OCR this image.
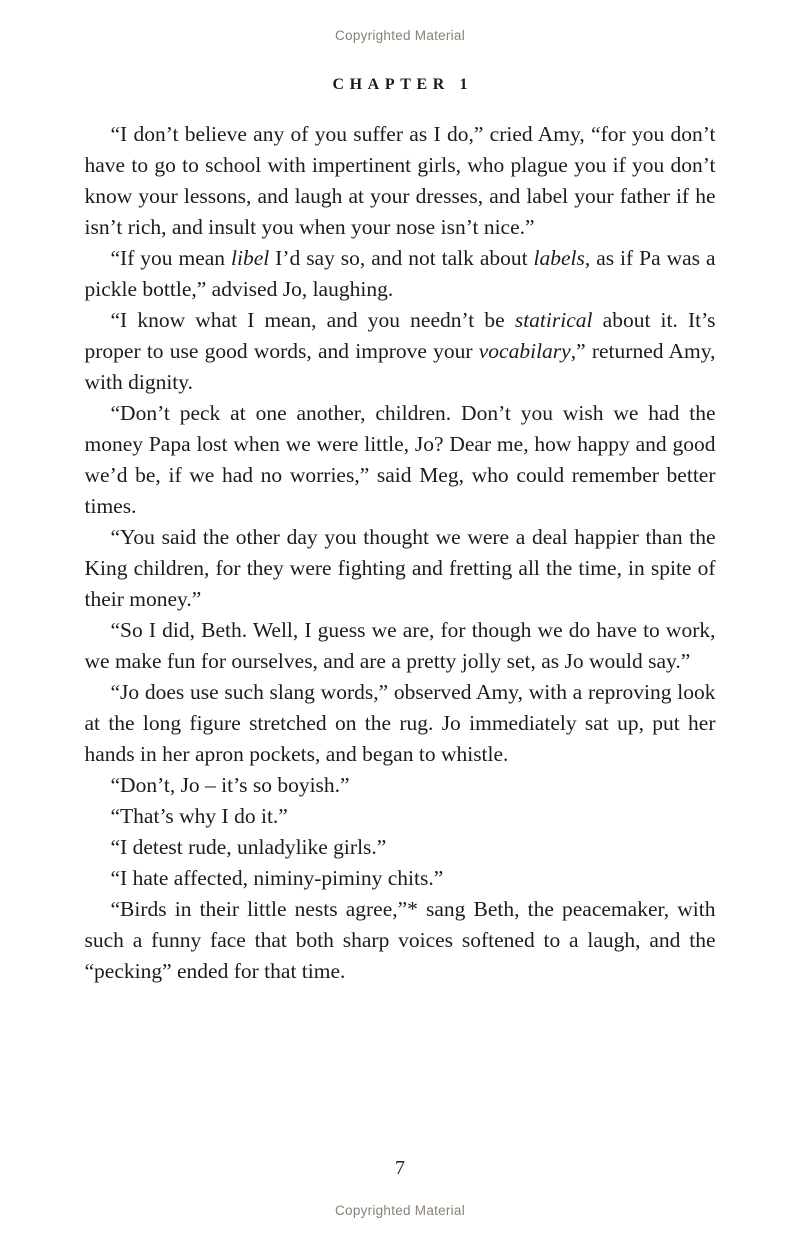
Copyrighted Material
CHAPTER 1

“I don’t believe any of you suffer as I do,” cried Amy, “for you don’t have to go to school with impertinent girls, who plague you if you don’t know your lessons, and laugh at your dresses, and label your father if he isn’t rich, and insult you when your nose isn’t nice.”

“If you mean libel I’d say so, and not talk about labels, as if Pa was a pickle bottle,” advised Jo, laughing.

“I know what I mean, and you needn’t be statirical about it. It’s proper to use good words, and improve your vocabilary,” returned Amy, with dignity.

“Don’t peck at one another, children. Don’t you wish we had the money Papa lost when we were little, Jo? Dear me, how happy and good we’d be, if we had no worries,” said Meg, who could remember better times.

“You said the other day you thought we were a deal happier than the King children, for they were fighting and fretting all the time, in spite of their money.”

“So I did, Beth. Well, I guess we are, for though we do have to work, we make fun for ourselves, and are a pretty jolly set, as Jo would say.”

“Jo does use such slang words,” observed Amy, with a reproving look at the long figure stretched on the rug. Jo immediately sat up, put her hands in her apron pockets, and began to whistle.

“Don’t, Jo – it’s so boyish.”

“That’s why I do it.”

“I detest rude, unladylike girls.”

“I hate affected, niminy-piminy chits.”

“Birds in their little nests agree,”* sang Beth, the peacemaker, with such a funny face that both sharp voices softened to a laugh, and the “pecking” ended for that time.

7
Copyrighted Material
